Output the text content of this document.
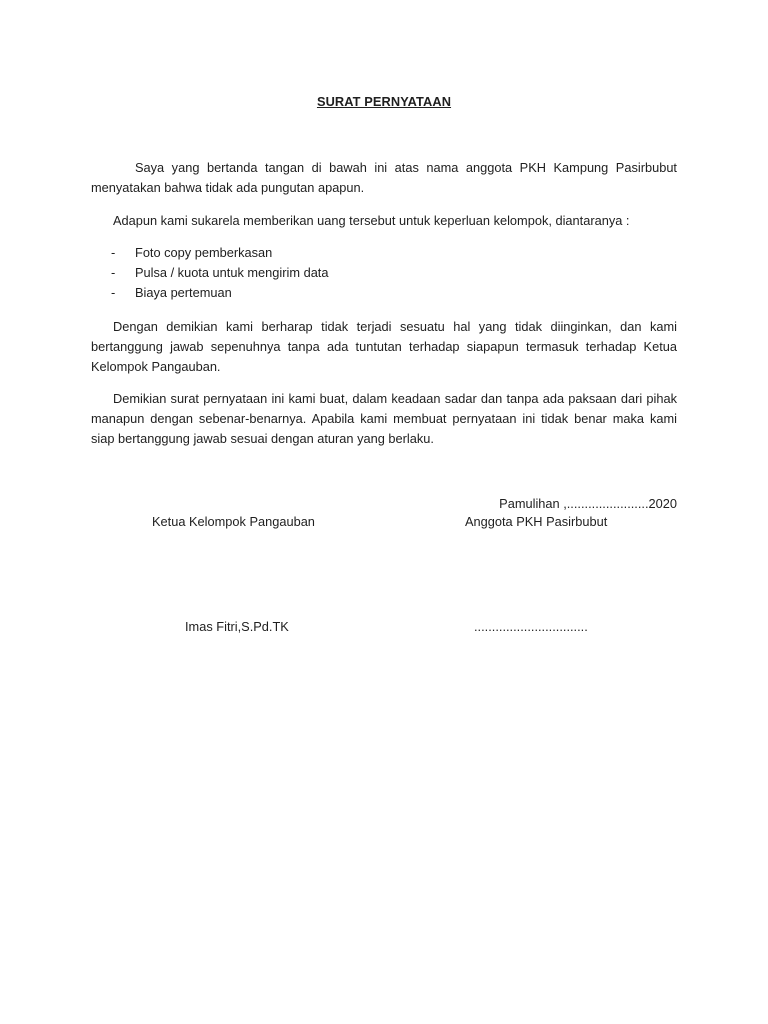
SURAT PERNYATAAN

Saya yang bertanda tangan di bawah ini atas nama anggota PKH Kampung Pasirbubut menyatakan bahwa tidak ada pungutan apapun.

Adapun kami sukarela memberikan uang tersebut untuk keperluan kelompok, diantaranya :

- Foto copy pemberkasan
- Pulsa / kuota untuk mengirim data
- Biaya pertemuan

Dengan demikian kami berharap tidak terjadi sesuatu hal yang tidak diinginkan, dan kami bertanggung jawab sepenuhnya tanpa ada tuntutan terhadap siapapun termasuk terhadap Ketua Kelompok Pangauban.

Demikian surat pernyataan ini kami buat, dalam keadaan sadar dan tanpa ada paksaan dari pihak manapun dengan sebenar-benarnya. Apabila kami membuat pernyataan ini tidak benar maka kami siap bertanggung jawab sesuai dengan aturan yang berlaku.

Pamulihan ,.......................2020
Ketua Kelompok Pangauban	Anggota PKH Pasirbubut
Imas Fitri,S.Pd.TK	................................
